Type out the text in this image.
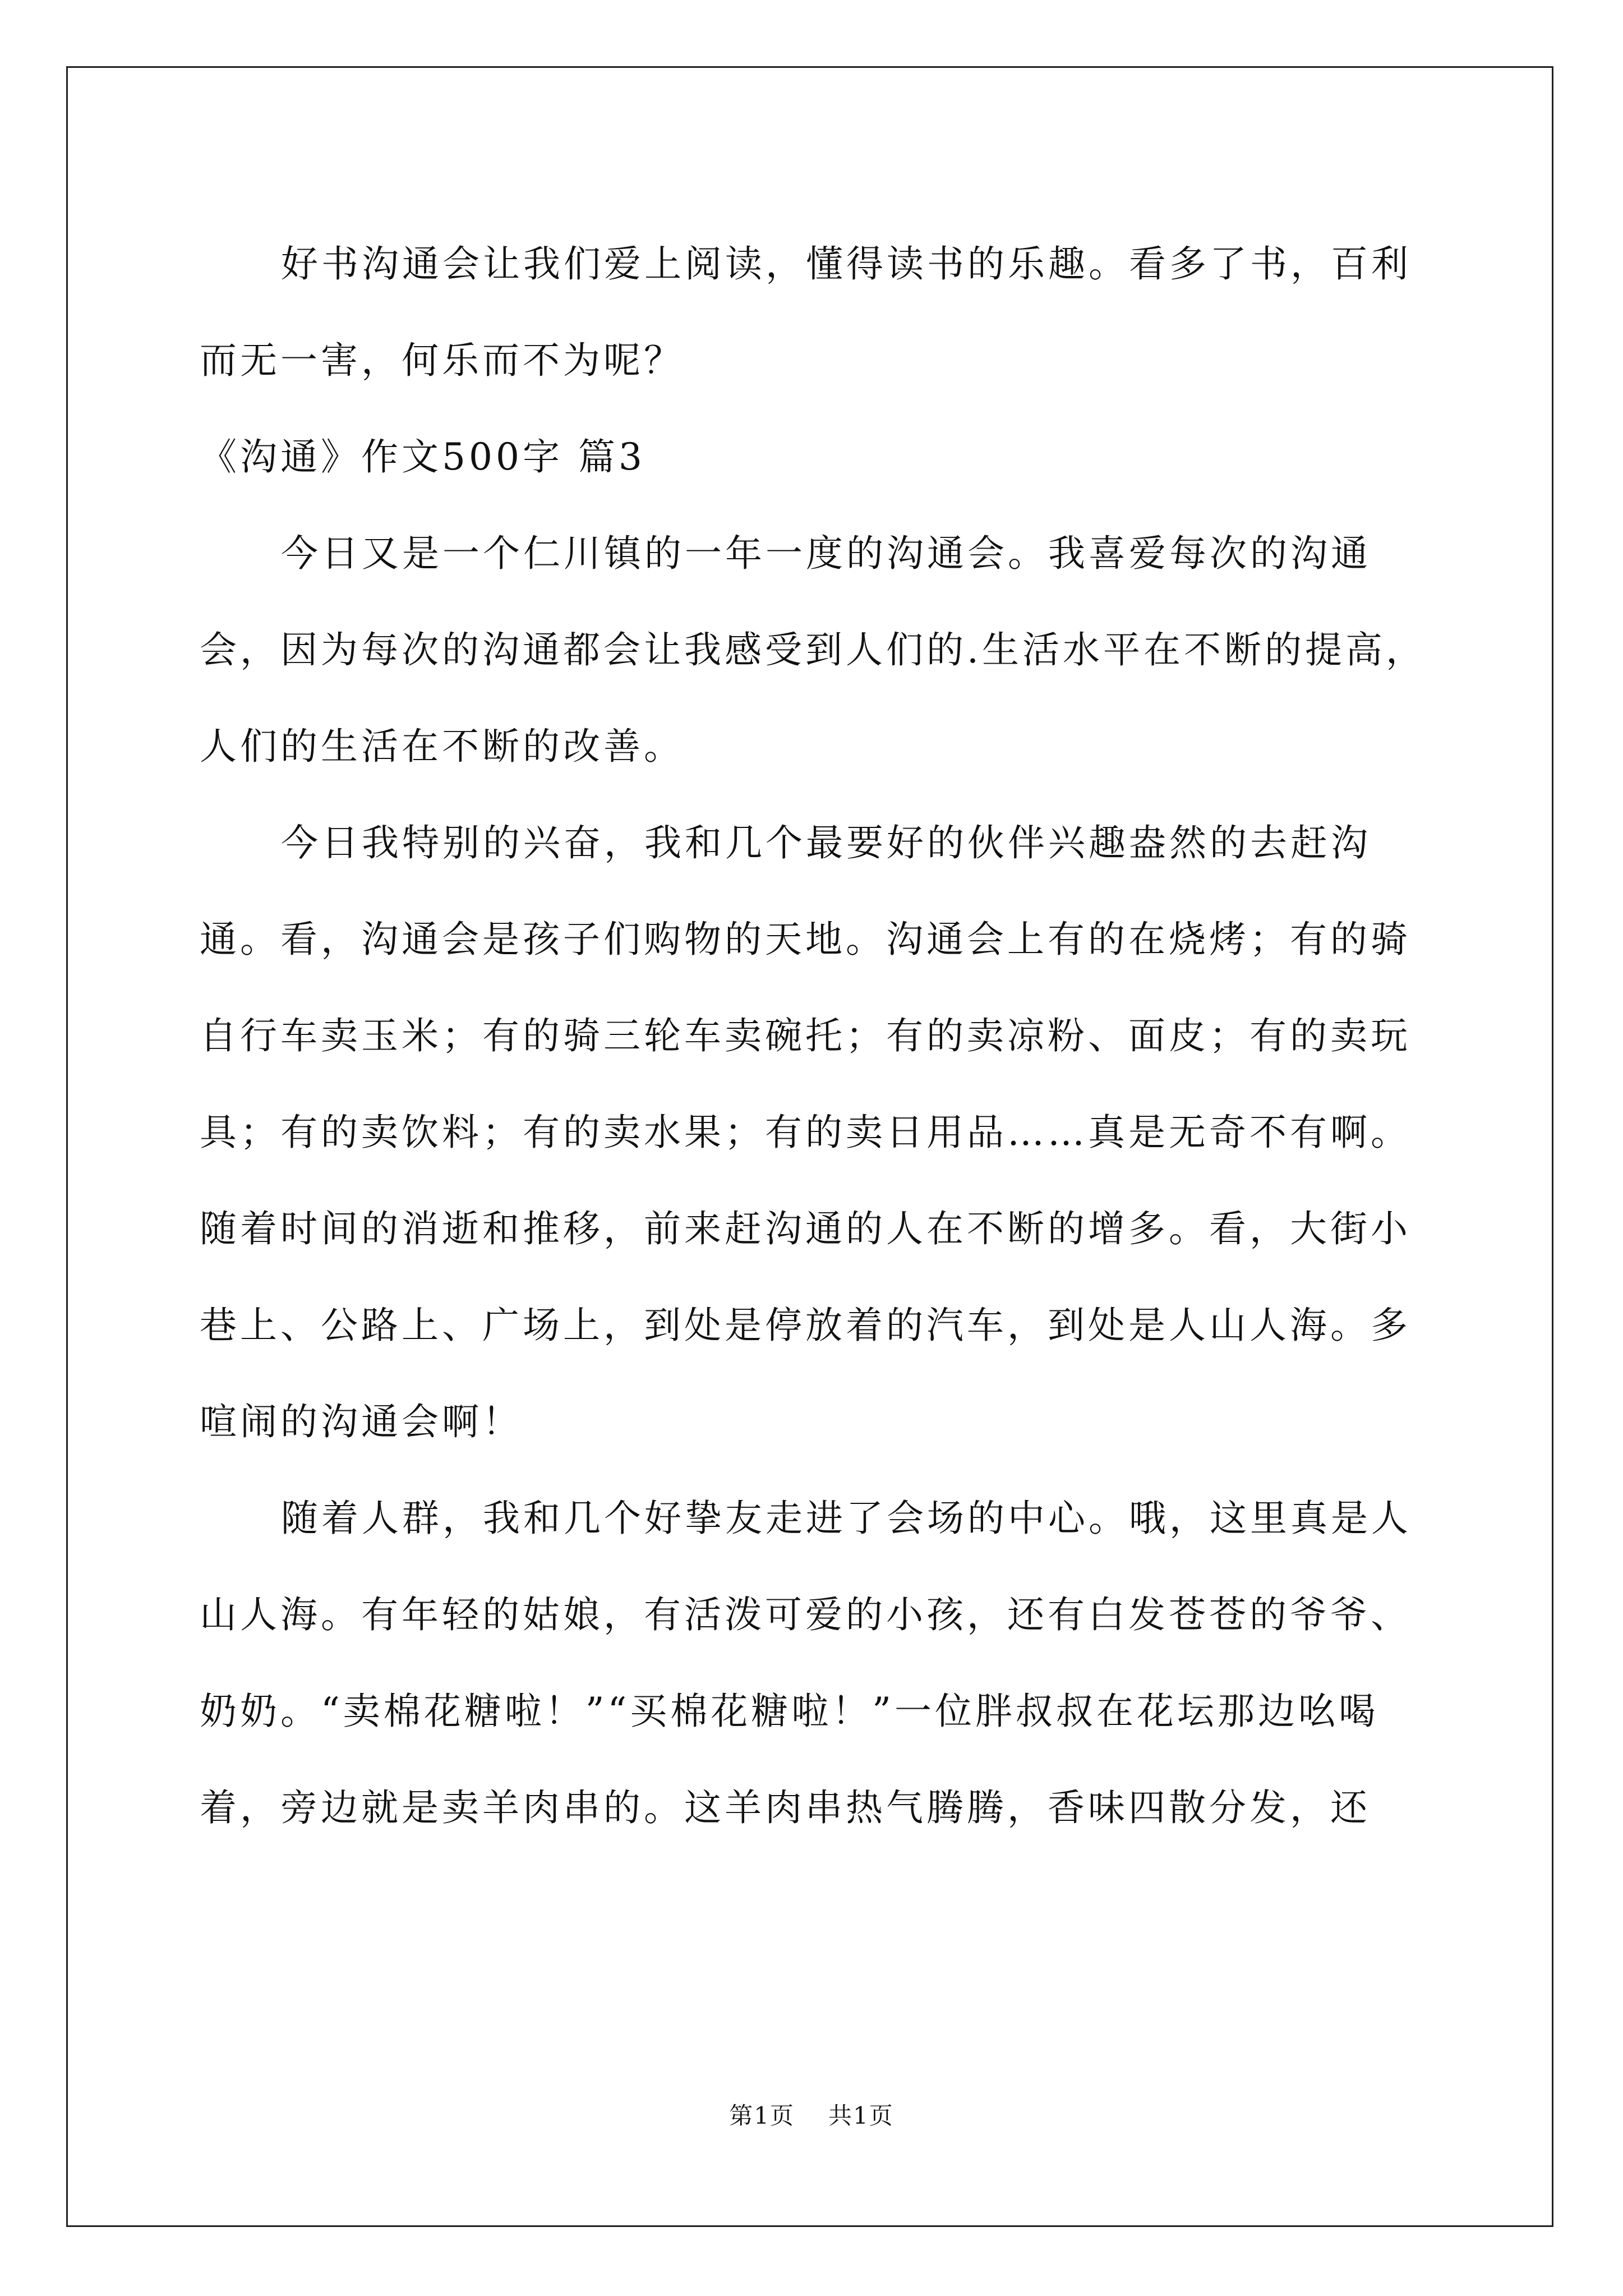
好书沟通会让我们爱上阅读，懂得读书的乐趣。看多了书，百利而无一害，何乐而不为呢？

《沟通》作文500字 篇3

今日又是一个仁川镇的一年一度的沟通会。我喜爱每次的沟通会，因为每次的沟通都会让我感受到人们的.生活水平在不断的提高，人们的生活在不断的改善。

今日我特别的兴奋，我和几个最要好的伙伴兴趣盎然的去赶沟通。看，沟通会是孩子们购物的天地。沟通会上有的在烧烤；有的骑自行车卖玉米；有的骑三轮车卖碗托；有的卖凉粉、面皮；有的卖玩具；有的卖饮料；有的卖水果；有的卖日用品……真是无奇不有啊。随着时间的消逝和推移，前来赶沟通的人在不断的增多。看，大街小巷上、公路上、广场上，到处是停放着的汽车，到处是人山人海。多喧闹的沟通会啊！

随着人群，我和几个好挚友走进了会场的中心。哦，这里真是人山人海。有年轻的姑娘，有活泼可爱的小孩，还有白发苍苍的爷爷、奶奶。“卖棉花糖啦！”“买棉花糖啦！”一位胖叔叔在花坛那边吆喝着，旁边就是卖羊肉串的。这羊肉串热气腾腾，香味四散分发，还

第1页 共1页
